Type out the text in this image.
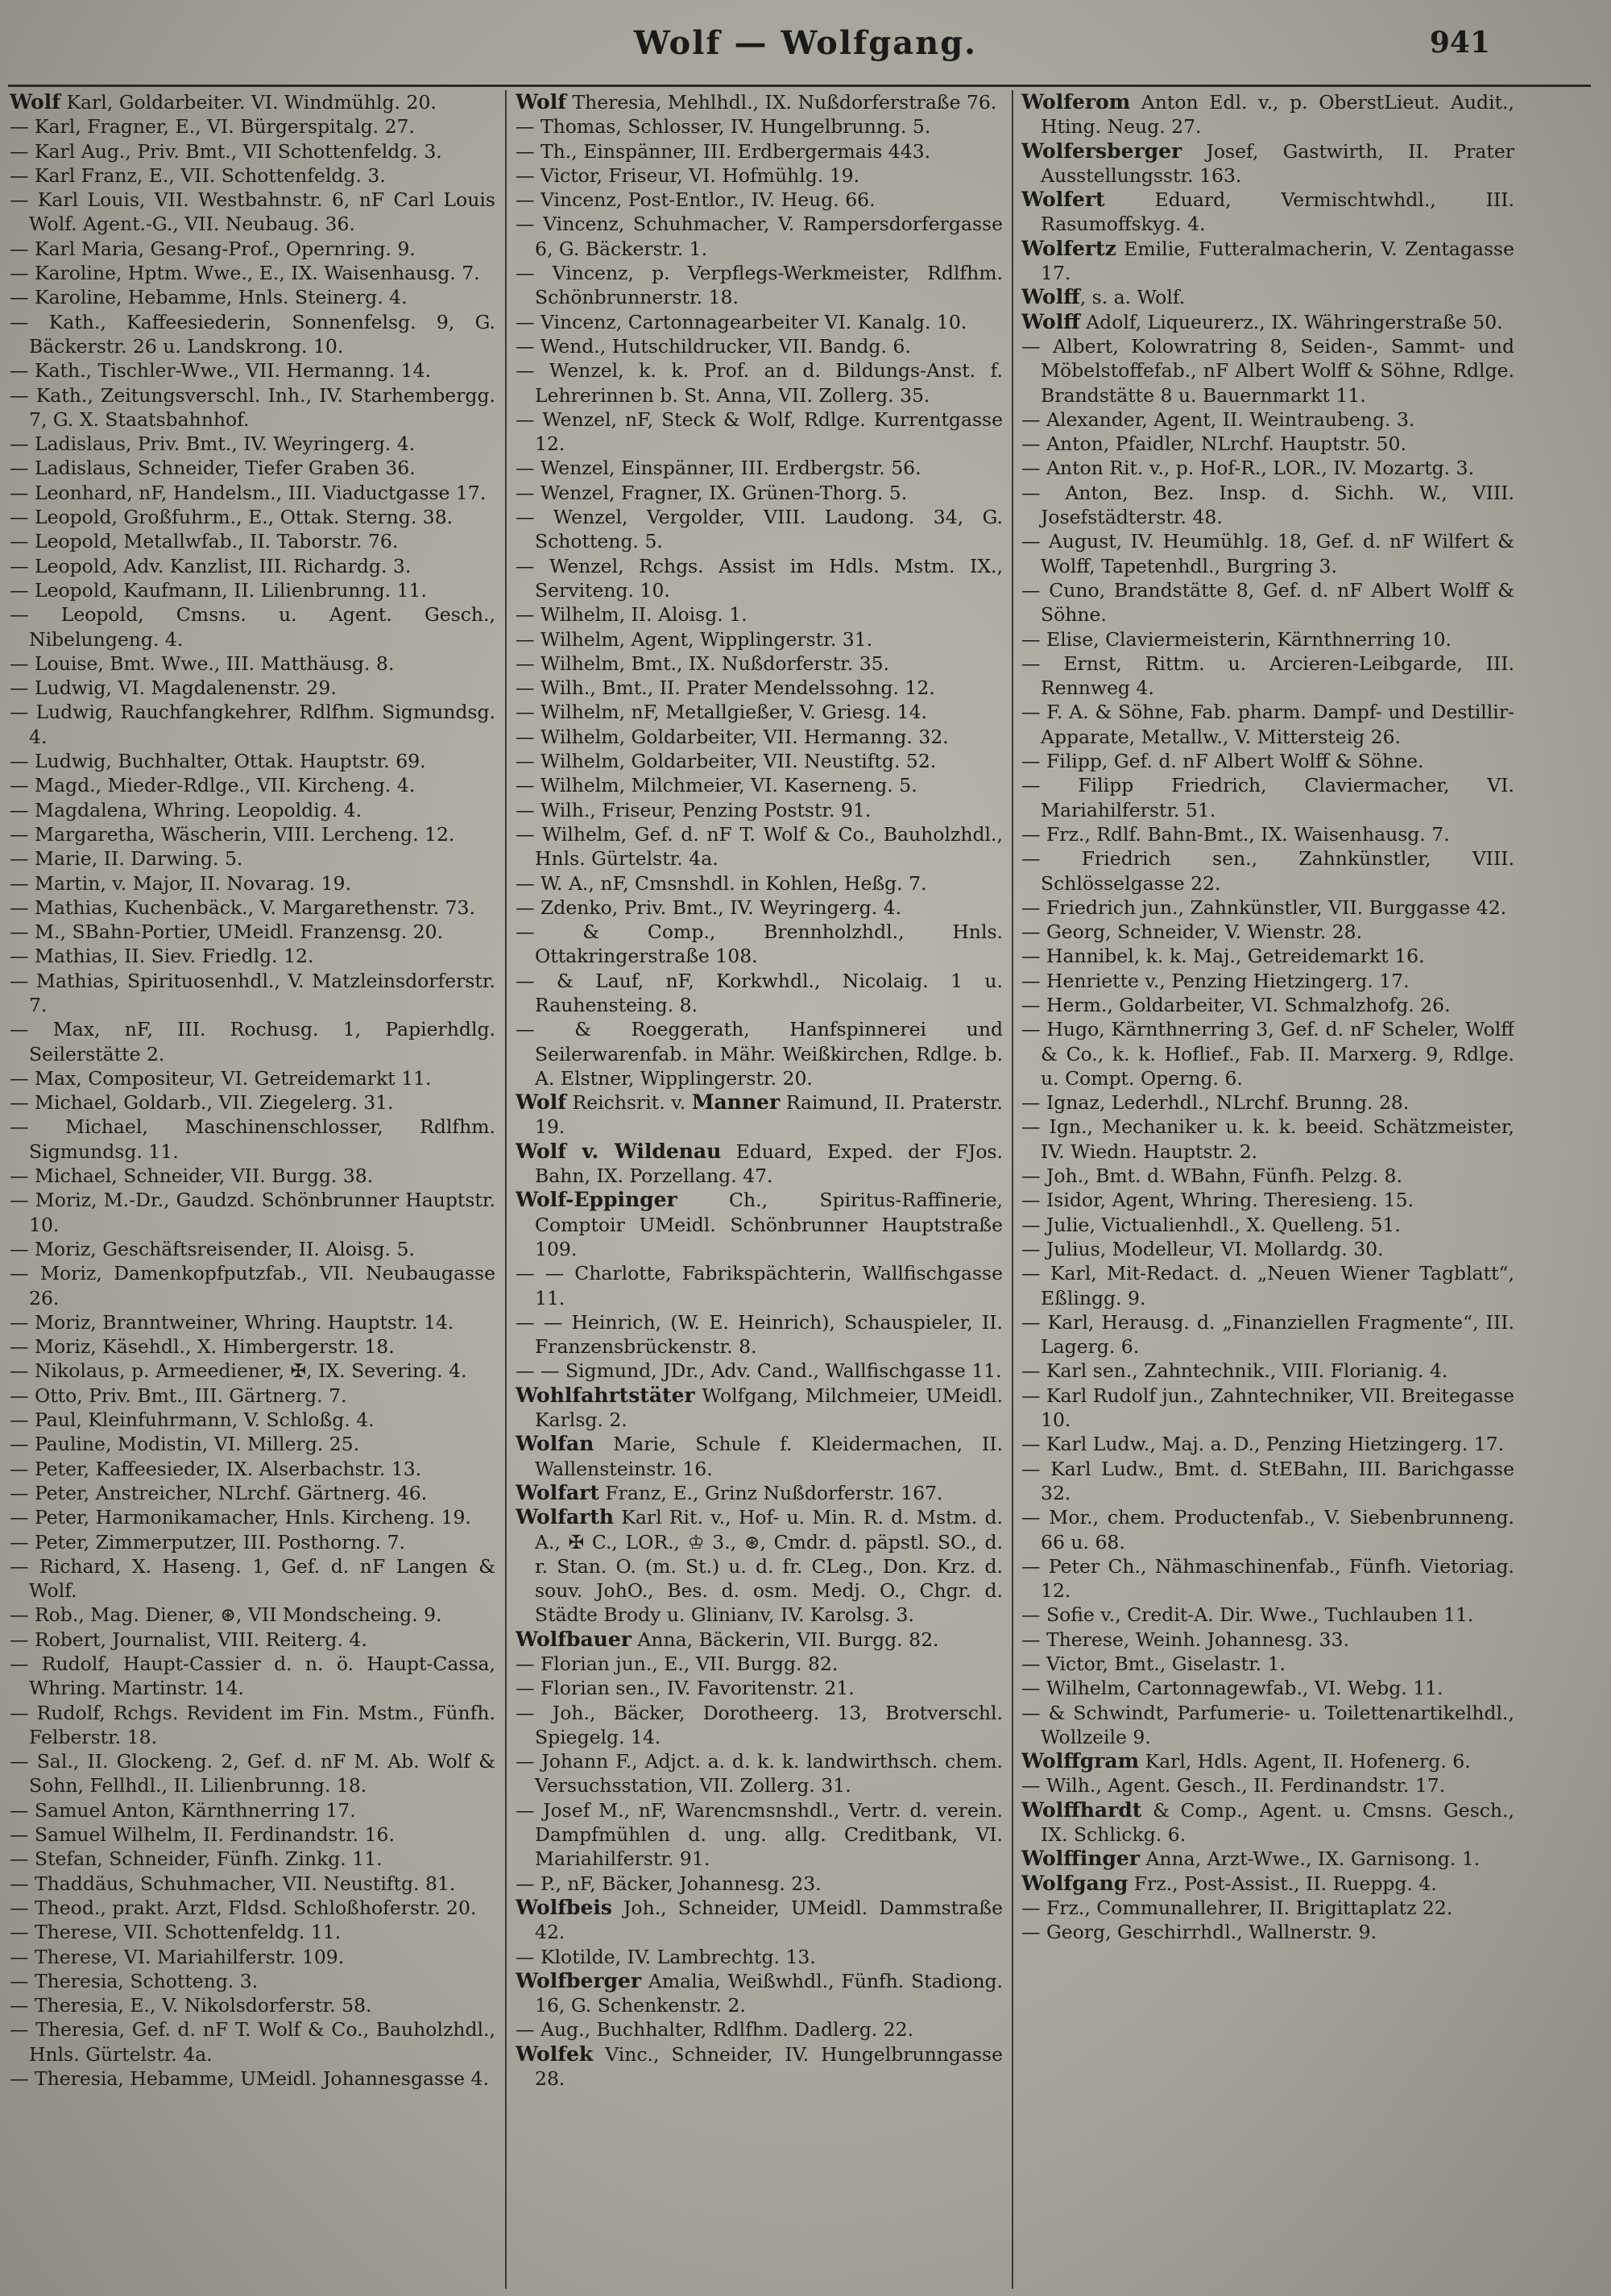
Wolf — Wolfgang.	941

Wolf Karl, Goldarbeiter. VI. Windmühlg. 20.

— Karl, Fragner, E., VI. Bürgerspitalg. 27.

— Karl Aug., Priv. Bmt., VII Schottenfeldg. 3.

— Karl Franz, E., VII. Schottenfeldg. 3.

— Karl Louis, VII. Westbahnstr. 6, nF Carl Louis Wolf. Agent.-G., VII. Neubaug. 36.

— Karl Maria, Gesang-Prof., Opernring. 9.

— Karoline, Hptm. Wwe., E., IX. Waisenhausg. 7.

— Karoline, Hebamme, Hnls. Steinerg. 4.

— Kath., Kaffeesiederin, Sonnenfelsg. 9, G. Bäckerstr. 26 u. Landskrong. 10.

— Kath., Tischler-Wwe., VII. Hermanng. 14.

— Kath., Zeitungsverschl. Inh., IV. Starhembergg. 7, G. X. Staatsbahnhof.

— Ladislaus, Priv. Bmt., IV. Weyringerg. 4.

— Ladislaus, Schneider, Tiefer Graben 36.

— Leonhard, nF, Handelsm., III. Viaductgasse 17.

— Leopold, Großfuhrm., E., Ottak. Sterng. 38.

— Leopold, Metallwfab., II. Taborstr. 76.

— Leopold, Adv. Kanzlist, III. Richardg. 3.

— Leopold, Kaufmann, II. Lilienbrunng. 11.

— Leopold, Cmsns. u. Agent. Gesch., Nibelungeng. 4.

— Louise, Bmt. Wwe., III. Matthäusg. 8.

— Ludwig, VI. Magdalenenstr. 29.

— Ludwig, Rauchfangkehrer, Rdlfhm. Sigmundsg. 4.

— Ludwig, Buchhalter, Ottak. Hauptstr. 69.

— Magd., Mieder-Rdlge., VII. Kircheng. 4.

— Magdalena, Whring. Leopoldig. 4.

— Margaretha, Wäscherin, VIII. Lercheng. 12.

— Marie, II. Darwing. 5.

— Martin, v. Major, II. Novarag. 19.

— Mathias, Kuchenbäck., V. Margarethenstr. 73.

— M., SBahn-Portier, UMeidl. Franzensg. 20.

— Mathias, II. Siev. Friedlg. 12.

— Mathias, Spirituosenhdl., V. Matzleinsdorferstr. 7.

— Max, nF, III. Rochusg. 1, Papierhdlg. Seilerstätte 2.

— Max, Compositeur, VI. Getreidemarkt 11.

— Michael, Goldarb., VII. Ziegelerg. 31.

— Michael, Maschinenschlosser, Rdlfhm. Sigmundsg. 11.

— Michael, Schneider, VII. Burgg. 38.

— Moriz, M.-Dr., Gaudzd. Schönbrunner Hauptstr. 10.

— Moriz, Geschäftsreisender, II. Aloisg. 5.

— Moriz, Damenkopfputzfab., VII. Neubaugasse 26.

— Moriz, Branntweiner, Whring. Hauptstr. 14.

— Moriz, Käsehdl., X. Himbergerstr. 18.

— Nikolaus, p. Armeediener, ✠, IX. Severing. 4.

— Otto, Priv. Bmt., III. Gärtnerg. 7.

— Paul, Kleinfuhrmann, V. Schloßg. 4.

— Pauline, Modistin, VI. Millerg. 25.

— Peter, Kaffeesieder, IX. Alserbachstr. 13.

— Peter, Anstreicher, NLrchf. Gärtnerg. 46.

— Peter, Harmonikamacher, Hnls. Kircheng. 19.

— Peter, Zimmerputzer, III. Posthorng. 7.

— Richard, X. Haseng. 1, Gef. d. nF Langen & Wolf.

— Rob., Mag. Diener, ⊛, VII Mondscheing. 9.

— Robert, Journalist, VIII. Reiterg. 4.

— Rudolf, Haupt-Cassier d. n. ö. Haupt-Cassa, Whring. Martinstr. 14.

— Rudolf, Rchgs. Revident im Fin. Mstm., Fünfh. Felberstr. 18.

— Sal., II. Glockeng. 2, Gef. d. nF M. Ab. Wolf & Sohn, Fellhdl., II. Lilienbrunng. 18.

— Samuel Anton, Kärnthnerring 17.

— Samuel Wilhelm, II. Ferdinandstr. 16.

— Stefan, Schneider, Fünfh. Zinkg. 11.

— Thaddäus, Schuhmacher, VII. Neustiftg. 81.

— Theod., prakt. Arzt, Fldsd. Schloßhoferstr. 20.

— Therese, VII. Schottenfeldg. 11.

— Therese, VI. Mariahilferstr. 109.

— Theresia, Schotteng. 3.

— Theresia, E., V. Nikolsdorferstr. 58.

— Theresia, Gef. d. nF T. Wolf & Co., Bauholzhdl., Hnls. Gürtelstr. 4a.

— Theresia, Hebamme, UMeidl. Johannesgasse 4.

Wolf Theresia, Mehlhdl., IX. Nußdorferstraße 76.

— Thomas, Schlosser, IV. Hungelbrunng. 5.

— Th., Einspänner, III. Erdbergermais 443.

— Victor, Friseur, VI. Hofmühlg. 19.

— Vincenz, Post-Entlor., IV. Heug. 66.

— Vincenz, Schuhmacher, V. Rampersdorfergasse 6, G. Bäckerstr. 1.

— Vincenz, p. Verpflegs-Werkmeister, Rdlfhm. Schönbrunnerstr. 18.

— Vincenz, Cartonnagearbeiter VI. Kanalg. 10.

— Wend., Hutschildrucker, VII. Bandg. 6.

— Wenzel, k. k. Prof. an d. Bildungs-Anst. f. Lehrerinnen b. St. Anna, VII. Zollerg. 35.

— Wenzel, nF, Steck & Wolf, Rdlge. Kurrentgasse 12.

— Wenzel, Einspänner, III. Erdbergstr. 56.

— Wenzel, Fragner, IX. Grünen-Thorg. 5.

— Wenzel, Vergolder, VIII. Laudong. 34, G. Schotteng. 5.

— Wenzel, Rchgs. Assist im Hdls. Mstm. IX., Serviteng. 10.

— Wilhelm, II. Aloisg. 1.

— Wilhelm, Agent, Wipplingerstr. 31.

— Wilhelm, Bmt., IX. Nußdorferstr. 35.

— Wilh., Bmt., II. Prater Mendelssohng. 12.

— Wilhelm, nF, Metallgießer, V. Griesg. 14.

— Wilhelm, Goldarbeiter, VII. Hermanng. 32.

— Wilhelm, Goldarbeiter, VII. Neustiftg. 52.

— Wilhelm, Milchmeier, VI. Kaserneng. 5.

— Wilh., Friseur, Penzing Poststr. 91.

— Wilhelm, Gef. d. nF T. Wolf & Co., Bauholzhdl., Hnls. Gürtelstr. 4a.

— W. A., nF, Cmsnshdl. in Kohlen, Heßg. 7.

— Zdenko, Priv. Bmt., IV. Weyringerg. 4.

— & Comp., Brennholzhdl., Hnls. Ottakringerstraße 108.

— & Lauf, nF, Korkwhdl., Nicolaig. 1 u. Rauhensteing. 8.

— & Roeggerath, Hanfspinnerei und Seilerwarenfab. in Mähr. Weißkirchen, Rdlge. b. A. Elstner, Wipplingerstr. 20.

Wolf Reichsrit. v. Manner Raimund, II. Praterstr. 19.

Wolf v. Wildenau Eduard, Exped. der FJos. Bahn, IX. Porzellang. 47.

Wolf-Eppinger Ch., Spiritus-Raffinerie, Comptoir UMeidl. Schönbrunner Hauptstraße 109.

— — Charlotte, Fabrikspächterin, Wallfischgasse 11.

— — Heinrich, (W. E. Heinrich), Schauspieler, II. Franzensbrückenstr. 8.

— — Sigmund, JDr., Adv. Cand., Wallfischgasse 11.

Wohlfahrtstäter Wolfgang, Milchmeier, UMeidl. Karlsg. 2.

Wolfan Marie, Schule f. Kleidermachen, II. Wallensteinstr. 16.

Wolfart Franz, E., Grinz Nußdorferstr. 167.

Wolfarth Karl Rit. v., Hof- u. Min. R. d. Mstm. d. A., ✠ C., LOR., ♔ 3., ⊛, Cmdr. d. päpstl. SO., d. r. Stan. O. (m. St.) u. d. fr. CLeg., Don. Krz. d. souv. JohO., Bes. d. osm. Medj. O., Chgr. d. Städte Brody u. Glinianv, IV. Karolsg. 3.

Wolfbauer Anna, Bäckerin, VII. Burgg. 82.

— Florian jun., E., VII. Burgg. 82.

— Florian sen., IV. Favoritenstr. 21.

— Joh., Bäcker, Dorotheerg. 13, Brotverschl. Spiegelg. 14.

— Johann F., Adjct. a. d. k. k. landwirthsch. chem. Versuchsstation, VII. Zollerg. 31.

— Josef M., nF, Warencmsnshdl., Vertr. d. verein. Dampfmühlen d. ung. allg. Creditbank, VI. Mariahilferstr. 91.

— P., nF, Bäcker, Johannesg. 23.

Wolfbeis Joh., Schneider, UMeidl. Dammstraße 42.

— Klotilde, IV. Lambrechtg. 13.

Wolfberger Amalia, Weißwhdl., Fünfh. Stadiong. 16, G. Schenkenstr. 2.

— Aug., Buchhalter, Rdlfhm. Dadlerg. 22.

Wolfek Vinc., Schneider, IV. Hungelbrunngasse 28.

Wolferom Anton Edl. v., p. OberstLieut. Audit., Hting. Neug. 27.

Wolfersberger Josef, Gastwirth, II. Prater Ausstellungsstr. 163.

Wolfert Eduard, Vermischtwhdl., III. Rasumoffskyg. 4.

Wolfertz Emilie, Futteralmacherin, V. Zentagasse 17.

Wolff, s. a. Wolf.

Wolff Adolf, Liqueurerz., IX. Währingerstraße 50.

— Albert, Kolowratring 8, Seiden-, Sammt- und Möbelstoffefab., nF Albert Wolff & Söhne, Rdlge. Brandstätte 8 u. Bauernmarkt 11.

— Alexander, Agent, II. Weintraubeng. 3.

— Anton, Pfaidler, NLrchf. Hauptstr. 50.

— Anton Rit. v., p. Hof-R., LOR., IV. Mozartg. 3.

— Anton, Bez. Insp. d. Sichh. W., VIII. Josefstädterstr. 48.

— August, IV. Heumühlg. 18, Gef. d. nF Wilfert & Wolff, Tapetenhdl., Burgring 3.

— Cuno, Brandstätte 8, Gef. d. nF Albert Wolff & Söhne.

— Elise, Claviermeisterin, Kärnthnerring 10.

— Ernst, Rittm. u. Arcieren-Leibgarde, III. Rennweg 4.

— F. A. & Söhne, Fab. pharm. Dampf- und Destillir-Apparate, Metallw., V. Mittersteig 26.

— Filipp, Gef. d. nF Albert Wolff & Söhne.

— Filipp Friedrich, Claviermacher, VI. Mariahilferstr. 51.

— Frz., Rdlf. Bahn-Bmt., IX. Waisenhausg. 7.

— Friedrich sen., Zahnkünstler, VIII. Schlösselgasse 22.

— Friedrich jun., Zahnkünstler, VII. Burggasse 42.

— Georg, Schneider, V. Wienstr. 28.

— Hannibel, k. k. Maj., Getreidemarkt 16.

— Henriette v., Penzing Hietzingerg. 17.

— Herm., Goldarbeiter, VI. Schmalzhofg. 26.

— Hugo, Kärnthnerring 3, Gef. d. nF Scheler, Wolff & Co., k. k. Hoflief., Fab. II. Marxerg. 9, Rdlge. u. Compt. Operng. 6.

— Ignaz, Lederhdl., NLrchf. Brunng. 28.

— Ign., Mechaniker u. k. k. beeid. Schätzmeister, IV. Wiedn. Hauptstr. 2.

— Joh., Bmt. d. WBahn, Fünfh. Pelzg. 8.

— Isidor, Agent, Whring. Theresieng. 15.

— Julie, Victualienhdl., X. Quelleng. 51.

— Julius, Modelleur, VI. Mollardg. 30.

— Karl, Mit-Redact. d. „Neuen Wiener Tagblatt“, Eßlingg. 9.

— Karl, Herausg. d. „Finanziellen Fragmente“, III. Lagerg. 6.

— Karl sen., Zahntechnik., VIII. Florianig. 4.

— Karl Rudolf jun., Zahntechniker, VII. Breitegasse 10.

— Karl Ludw., Maj. a. D., Penzing Hietzingerg. 17.

— Karl Ludw., Bmt. d. StEBahn, III. Barichgasse 32.

— Mor., chem. Productenfab., V. Siebenbrunneng. 66 u. 68.

— Peter Ch., Nähmaschinenfab., Fünfh. Vietoriag. 12.

— Sofie v., Credit-A. Dir. Wwe., Tuchlauben 11.

— Therese, Weinh. Johannesg. 33.

— Victor, Bmt., Giselastr. 1.

— Wilhelm, Cartonnagewfab., VI. Webg. 11.

— & Schwindt, Parfumerie- u. Toilettenartikelhdl., Wollzeile 9.

Wolffgram Karl, Hdls. Agent, II. Hofenerg. 6.

— Wilh., Agent. Gesch., II. Ferdinandstr. 17.

Wolffhardt & Comp., Agent. u. Cmsns. Gesch., IX. Schlickg. 6.

Wolffinger Anna, Arzt-Wwe., IX. Garnisong. 1.

Wolfgang Frz., Post-Assist., II. Rueppg. 4.

— Frz., Communallehrer, II. Brigittaplatz 22.

— Georg, Geschirrhdl., Wallnerstr. 9.
